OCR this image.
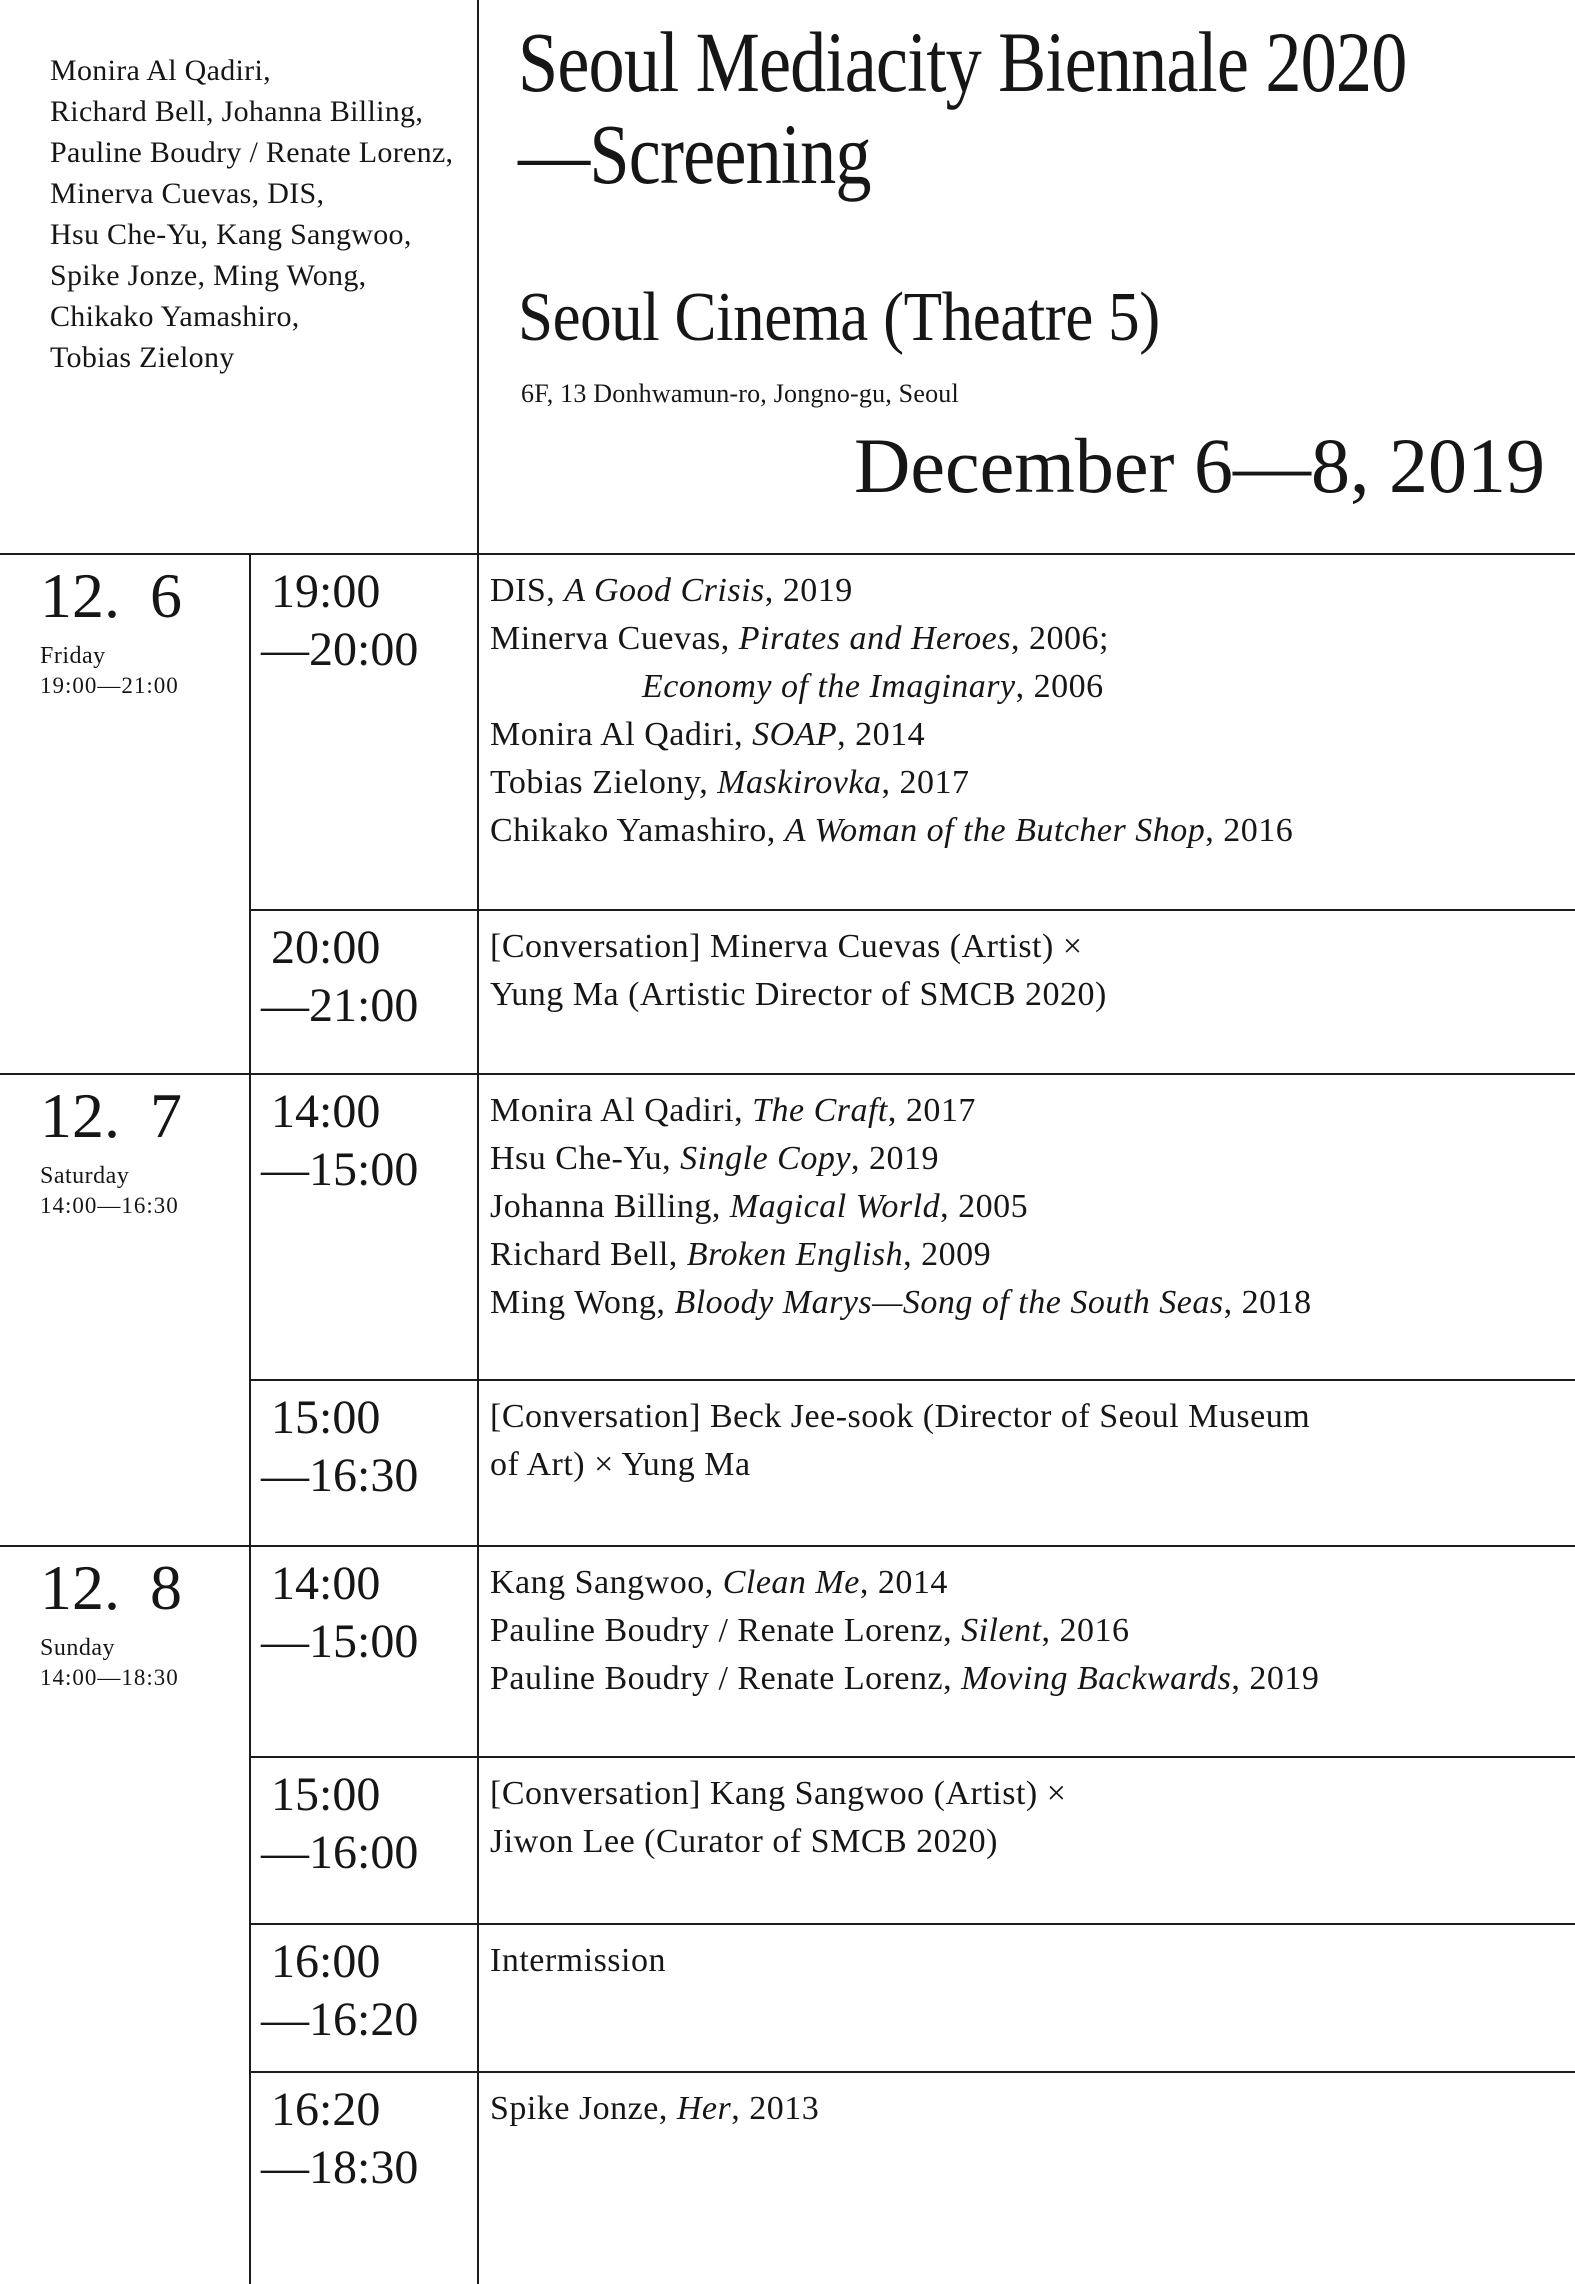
Monira Al Qadiri,
Richard Bell, Johanna Billing,
Pauline Boudry / Renate Lorenz,
Minerva Cuevas, DIS,
Hsu Che-Yu, Kang Sangwoo,
Spike Jonze, Ming Wong,
Chikako Yamashiro,
Tobias Zielony
Seoul Mediacity Biennale 2020
—Screening
Seoul Cinema (Theatre 5)
6F, 13 Donhwamun-ro, Jongno-gu, Seoul
December 6—8, 2019
12. 6
Friday
19:00—21:00
19:00
—20:00
DIS, A Good Crisis, 2019
Minerva Cuevas, Pirates and Heroes, 2006;
Economy of the Imaginary, 2006
Monira Al Qadiri, SOAP, 2014
Tobias Zielony, Maskirovka, 2017
Chikako Yamashiro, A Woman of the Butcher Shop, 2016
20:00
—21:00
[Conversation] Minerva Cuevas (Artist) ×
Yung Ma (Artistic Director of SMCB 2020)
12. 7
Saturday
14:00—16:30
14:00
—15:00
Monira Al Qadiri, The Craft, 2017
Hsu Che-Yu, Single Copy, 2019
Johanna Billing, Magical World, 2005
Richard Bell, Broken English, 2009
Ming Wong, Bloody Marys—Song of the South Seas, 2018
15:00
—16:30
[Conversation] Beck Jee-sook (Director of Seoul Museum
of Art) × Yung Ma
12. 8
Sunday
14:00—18:30
14:00
—15:00
Kang Sangwoo, Clean Me, 2014
Pauline Boudry / Renate Lorenz, Silent, 2016
Pauline Boudry / Renate Lorenz, Moving Backwards, 2019
15:00
—16:00
[Conversation] Kang Sangwoo (Artist) ×
Jiwon Lee (Curator of SMCB 2020)
16:00
—16:20
Intermission
16:20
—18:30
Spike Jonze, Her, 2013
